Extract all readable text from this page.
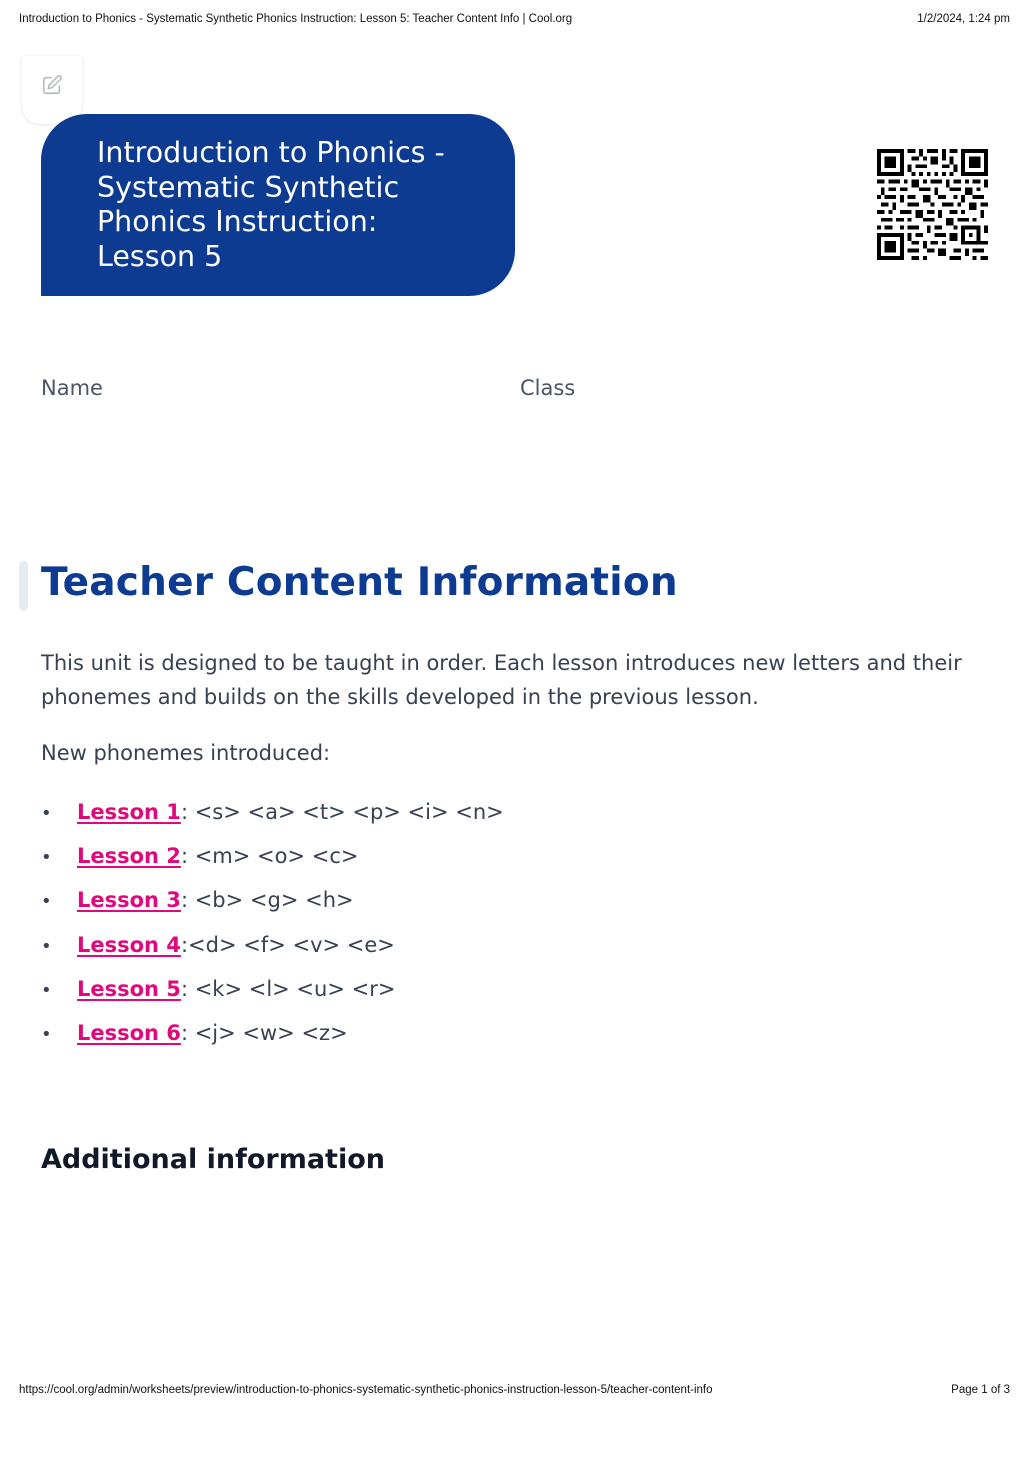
Introduction to Phonics - Systematic Synthetic Phonics Instruction: Lesson 5: Teacher Content Info | Cool.org	1/2/2024, 1:24 pm
Introduction to Phonics - Systematic Synthetic Phonics Instruction: Lesson 5
Name	Class
Teacher Content Information

This unit is designed to be taught in order. Each lesson introduces new letters and their phonemes and builds on the skills developed in the previous lesson.

New phonemes introduced:

•	Lesson 1 : <s> <a> <t> <p> <i> <n>
•	Lesson 2 : <m> <o> <c>
•	Lesson 3 : <b> <g> <h>
•	Lesson 4 : <d> <f> <v> <e>
•	Lesson 5 : <k> <l> <u> <r>
•	Lesson 6 : <j> <w> <z>
Additional information
https://cool.org/admin/worksheets/preview/introduction-to-phonics-systematic-synthetic-phonics-instruction-lesson-5/teacher-content-info	Page 1 of 3
